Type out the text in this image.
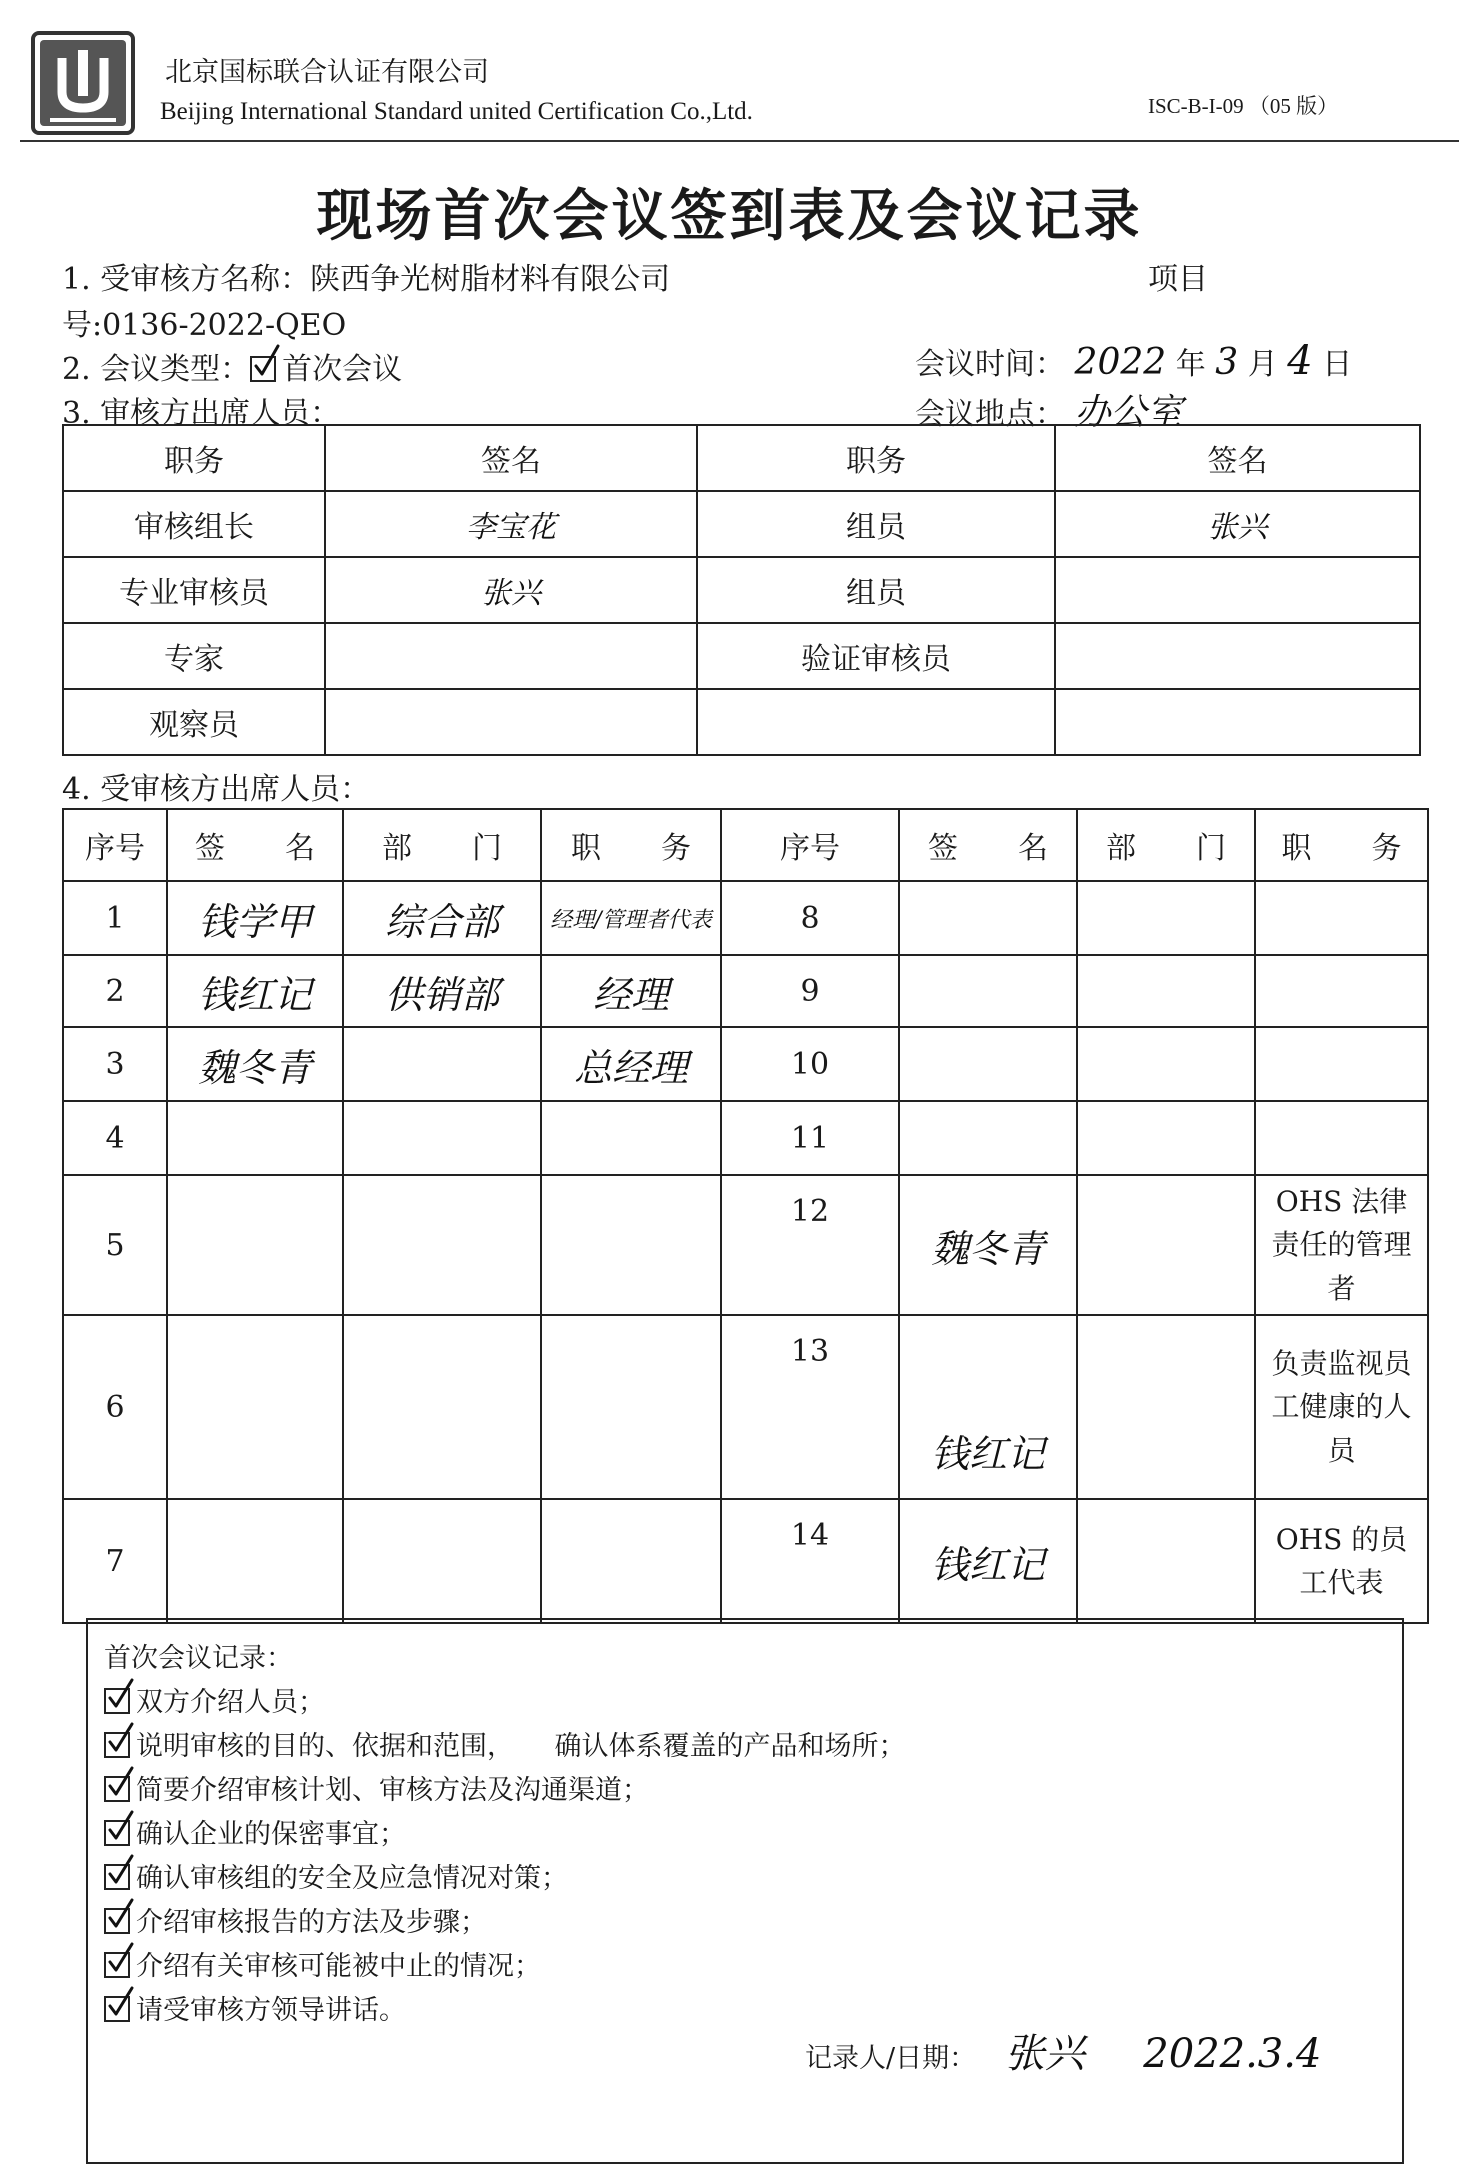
北京国标联合认证有限公司
Beijing International Standard united Certification Co.,Ltd.	ISC-B-I-09 （05 版）
现场首次会议签到表及会议记录
1. 受审核方名称：陕西争光树脂材料有限公司	项目
号:0136-2022-QEO
2. 会议类型： 首次会议	会议时间： 2022 年 3 月 4 日
3. 审核方出席人员：	会议地点： 办公室
职务	签名	职务	签名
审核组长	李宝花	组员	张兴
专业审核员	张兴	组员	
专家		验证审核员	
观察员			
4. 受审核方出席人员：
序号	签　　名	部　　门	职　　务	序号	签　　名	部　　门	职　　务
1	钱学甲	综合部	经理/管理者代表	8			
2	钱红记	供销部	经理	9			
3	魏冬青		总经理	10			
4				11			
5				12	魏冬青		OHS 法律责任的管理者
6				13	钱红记		负责监视员工健康的人员
7				14	钱红记		OHS 的员工代表
首次会议记录：
双方介绍人员；
说明审核的目的、依据和范围，　　确认体系覆盖的产品和场所；
简要介绍审核计划、审核方法及沟通渠道；
确认企业的保密事宜；
确认审核组的安全及应急情况对策；
介绍审核报告的方法及步骤；
介绍有关审核可能被中止的情况；
请受审核方领导讲话。
记录人/日期： 张兴 2022.3.4
